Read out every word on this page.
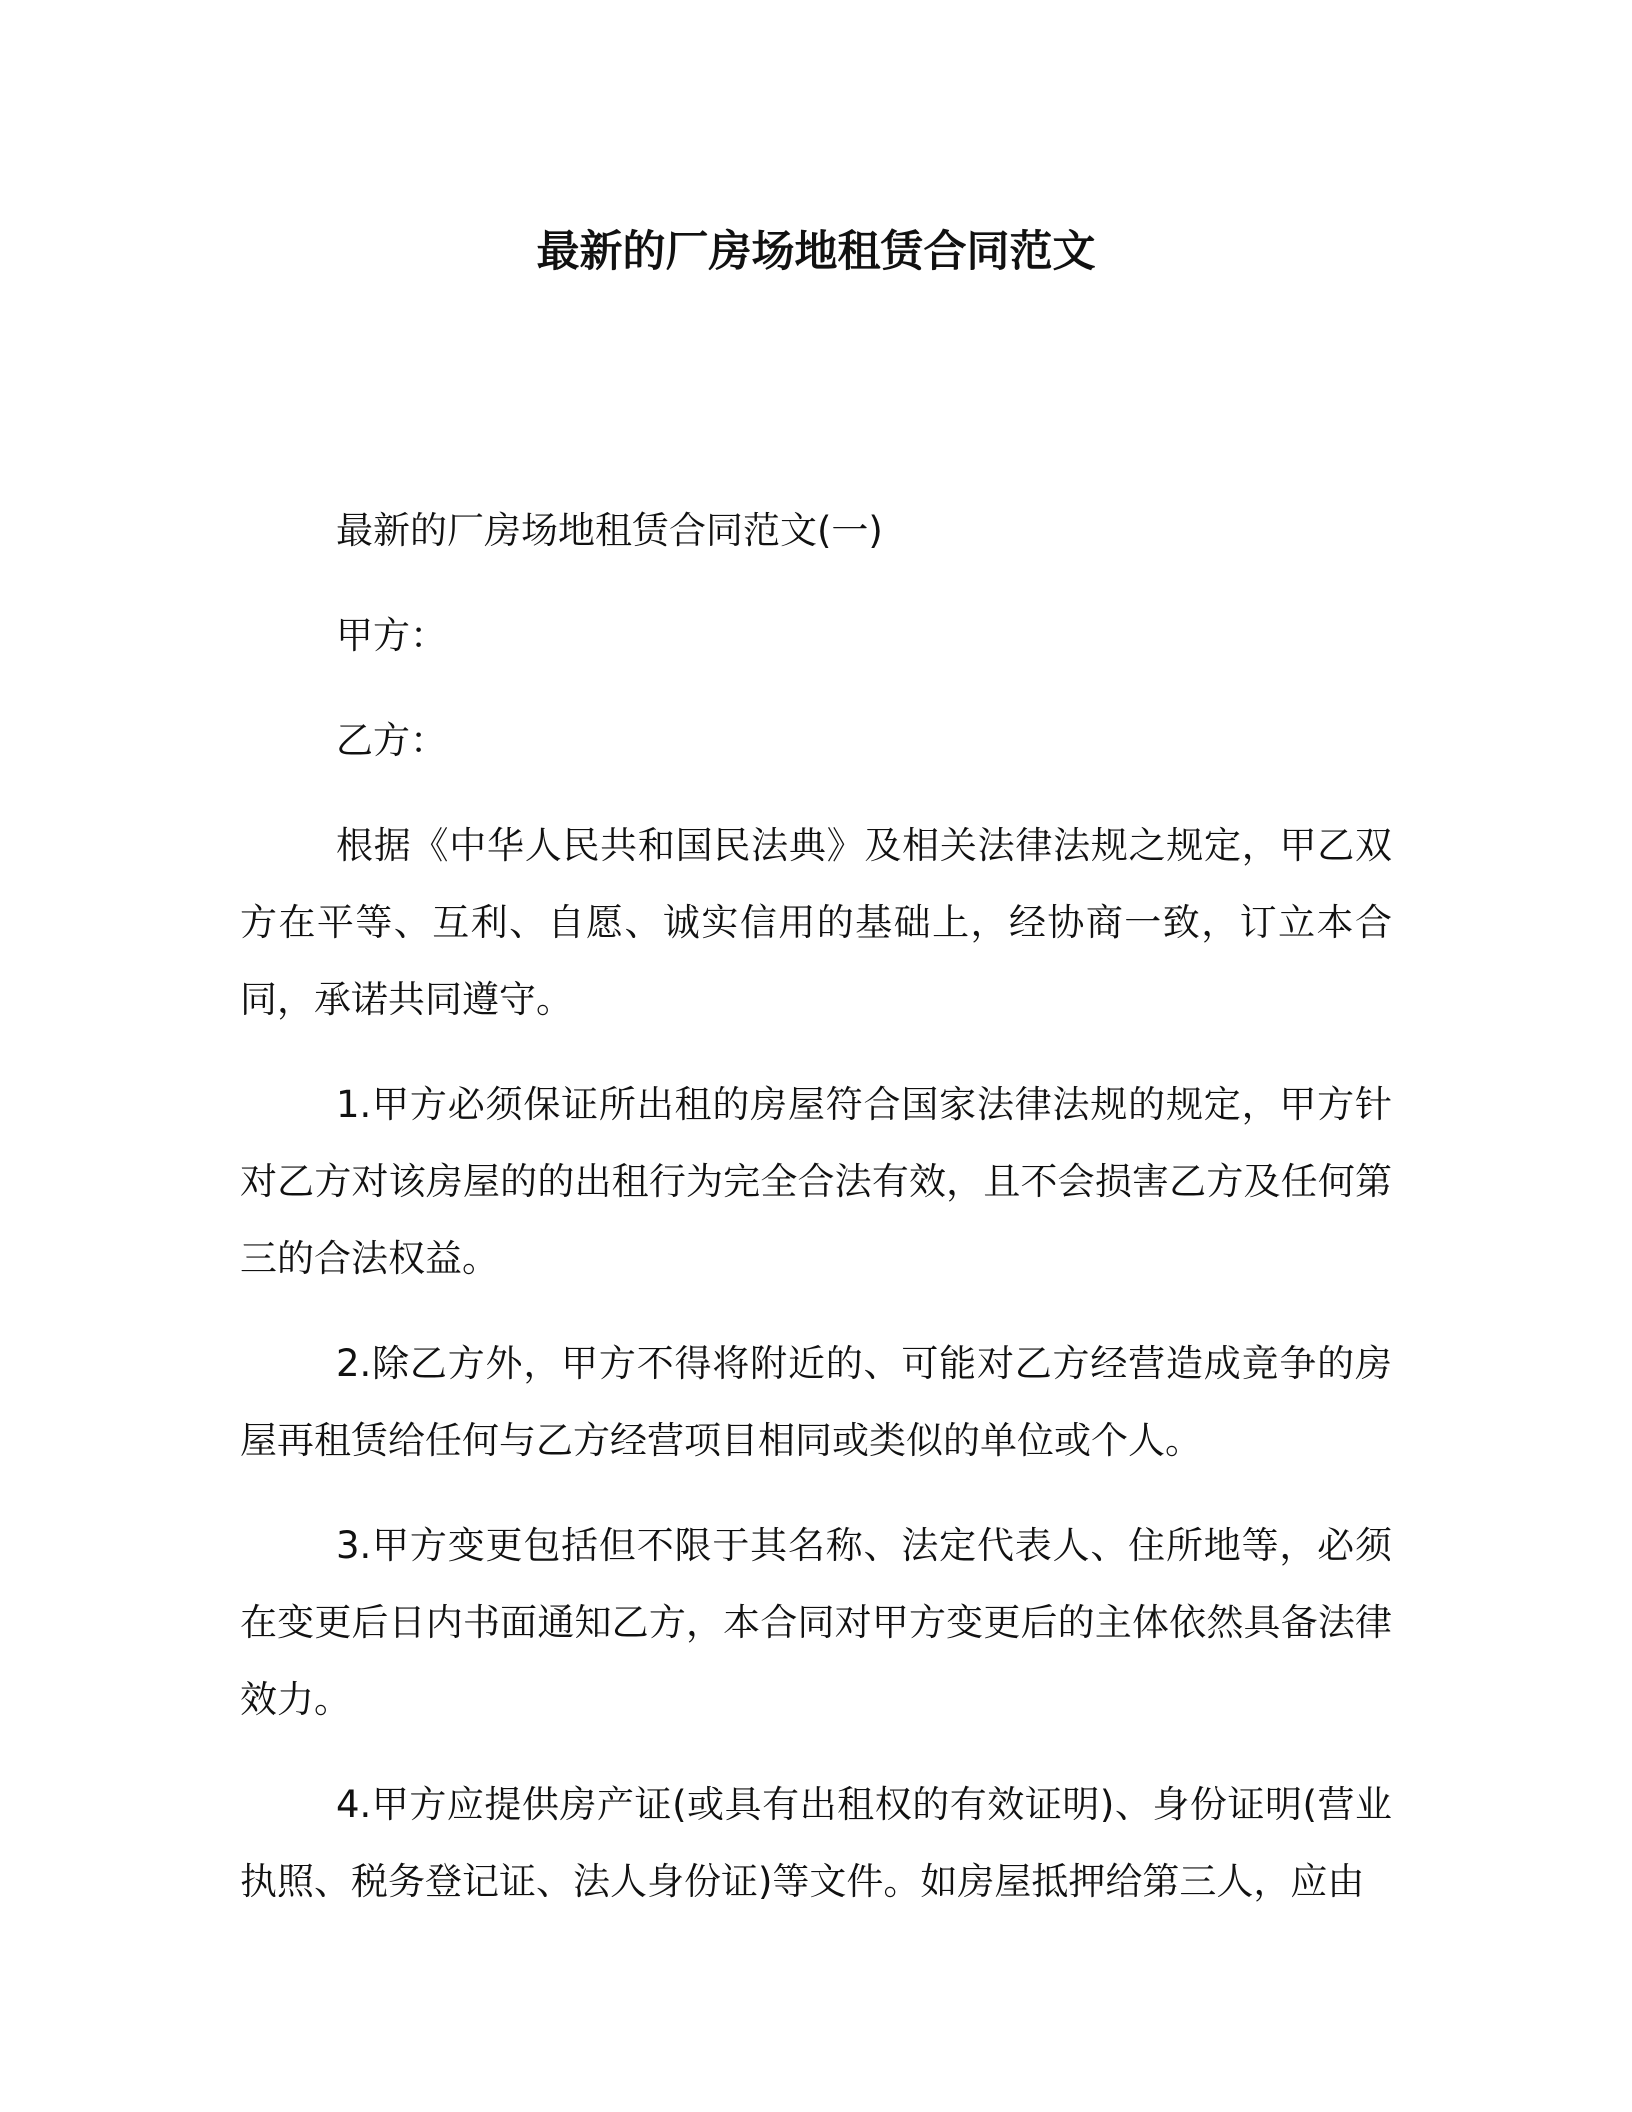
最新的厂房场地租赁合同范文

最新的厂房场地租赁合同范文(一)

甲方：

乙方：

根据《中华人民共和国民法典》及相关法律法规之规定，甲乙双方在平等、互利、自愿、诚实信用的基础上，经协商一致，订立本合同，承诺共同遵守。

1.甲方必须保证所出租的房屋符合国家法律法规的规定，甲方针对乙方对该房屋的的出租行为完全合法有效，且不会损害乙方及任何第三的合法权益。

2.除乙方外，甲方不得将附近的、可能对乙方经营造成竟争的房屋再租赁给任何与乙方经营项目相同或类似的单位或个人。

3.甲方变更包括但不限于其名称、法定代表人、住所地等，必须在变更后日内书面通知乙方，本合同对甲方变更后的主体依然具备法律效力。

4.甲方应提供房产证(或具有出租权的有效证明)、身份证明(营业执照、税务登记证、法人身份证)等文件。如房屋抵押给第三人，应由
